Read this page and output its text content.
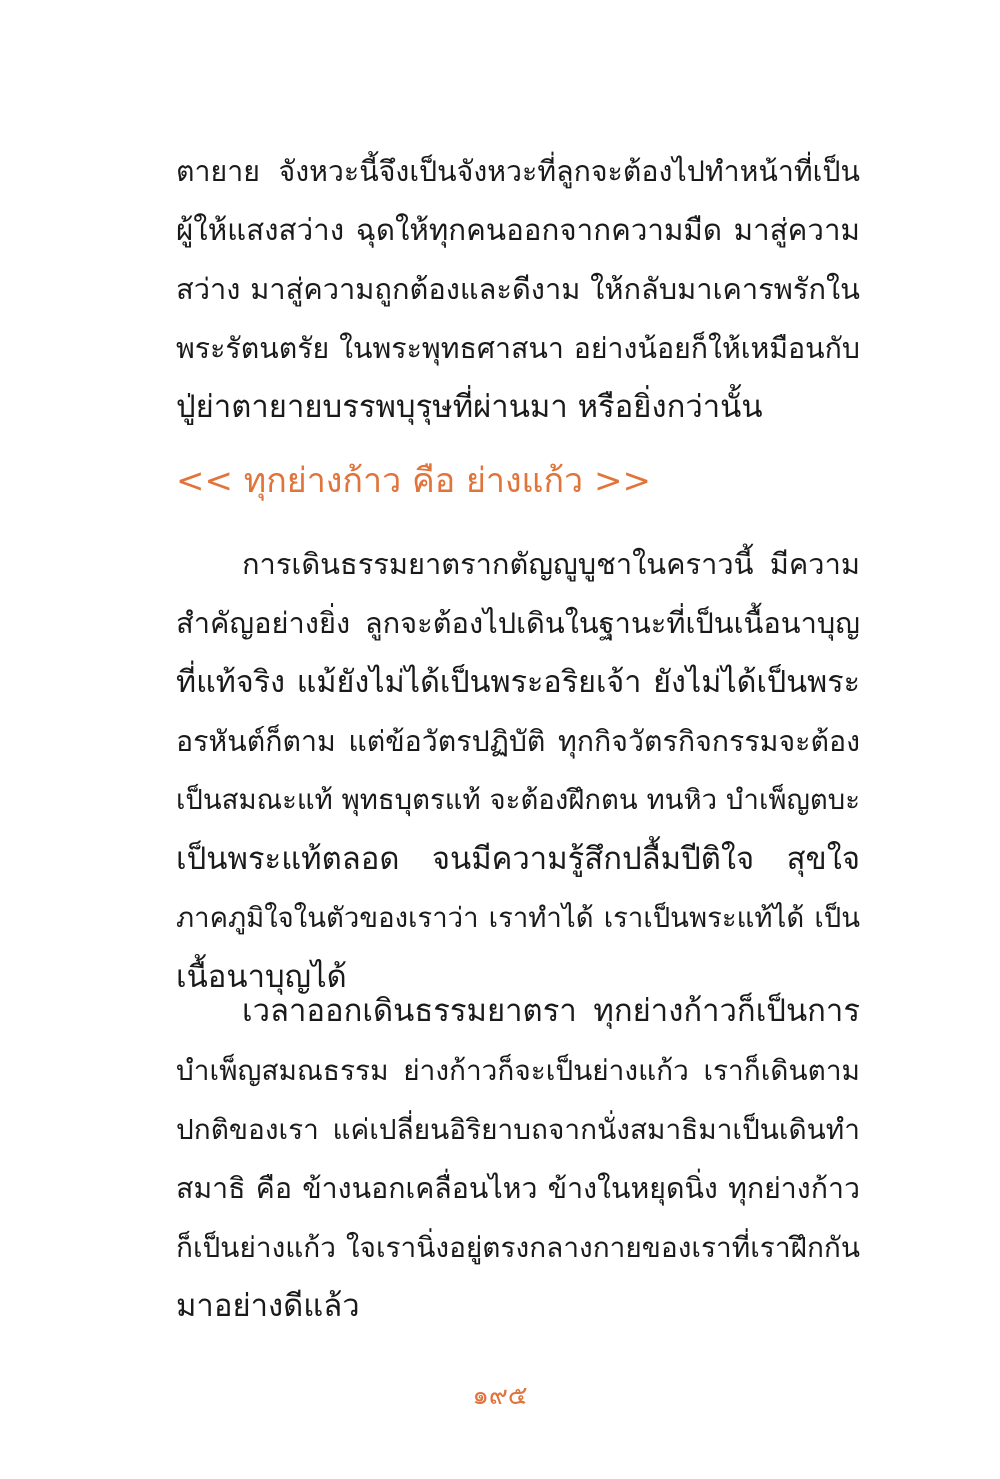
ตายาย จังหวะนี้จึงเป็นจังหวะที่ลูกจะต้องไปทำหน้าที่เป็น
ผู้ให้แสงสว่าง ฉุดให้ทุกคนออกจากความมืด มาสู่ความ
สว่าง มาสู่ความถูกต้องและดีงาม ให้กลับมาเคารพรักใน
พระรัตนตรัย ในพระพุทธศาสนา อย่างน้อยก็ให้เหมือนกับ
ปู่ย่าตายายบรรพบุรุษที่ผ่านมา หรือยิ่งกว่านั้น
<< ทุกย่างก้าว คือ ย่างแก้ว >>
การเดินธรรมยาตรากตัญญูบูชาในคราวนี้ มีความ
สำคัญอย่างยิ่ง ลูกจะต้องไปเดินในฐานะที่เป็นเนื้อนาบุญ
ที่แท้จริง แม้ยังไม่ได้เป็นพระอริยเจ้า ยังไม่ได้เป็นพระ
อรหันต์ก็ตาม แต่ข้อวัตรปฏิบัติ ทุกกิจวัตรกิจกรรมจะต้อง
เป็นสมณะแท้ พุทธบุตรแท้ จะต้องฝึกตน ทนหิว บำเพ็ญตบะ
เป็นพระแท้ตลอด จนมีความรู้สึกปลื้มปีติใจ สุขใจ
ภาคภูมิใจในตัวของเราว่า เราทำได้ เราเป็นพระแท้ได้ เป็น
เนื้อนาบุญได้
เวลาออกเดินธรรมยาตรา ทุกย่างก้าวก็เป็นการ
บำเพ็ญสมณธรรม ย่างก้าวก็จะเป็นย่างแก้ว เราก็เดินตาม
ปกติของเรา แค่เปลี่ยนอิริยาบถจากนั่งสมาธิมาเป็นเดินทำ
สมาธิ คือ ข้างนอกเคลื่อนไหว ข้างในหยุดนิ่ง ทุกย่างก้าว
ก็เป็นย่างแก้ว ใจเรานิ่งอยู่ตรงกลางกายของเราที่เราฝึกกัน
มาอย่างดีแล้ว
๑๙๕
